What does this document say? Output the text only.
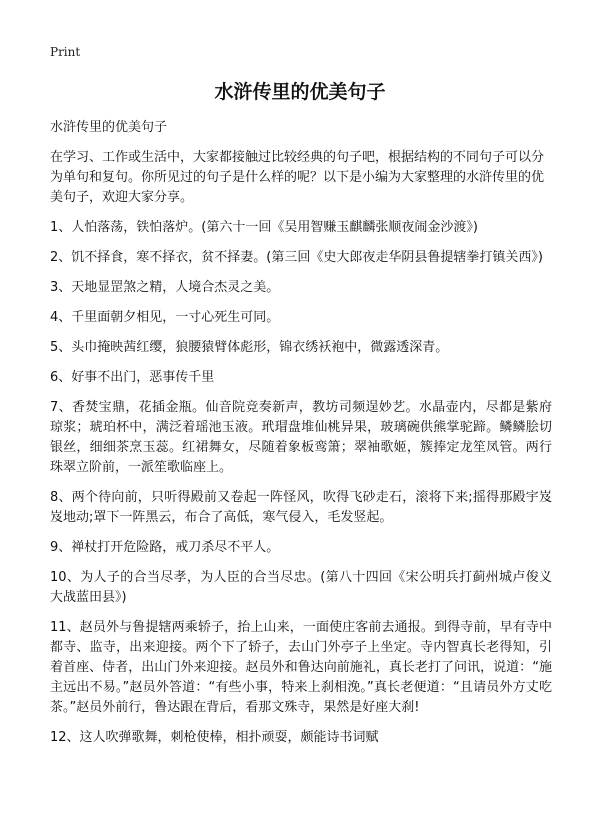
Print
水浒传里的优美句子

水浒传里的优美句子

在学习、工作或生活中，大家都接触过比较经典的句子吧，根据结构的不同句子可以分为单句和复句。你所见过的句子是什么样的呢？以下是小编为大家整理的水浒传里的优美句子，欢迎大家分享。

1、人怕落荡，铁怕落炉。(第六十一回《吴用智赚玉麒麟张顺夜闹金沙渡》)

2、饥不择食，寒不择衣，贫不择妻。(第三回《史大郎夜走华阴县鲁提辖拳打镇关西》)

3、天地显罡煞之精，人境合杰灵之美。

4、千里面朝夕相见，一寸心死生可同。

5、头巾掩映茜红缨，狼腰猿臂体彪形，锦衣绣袄袍中，微露透深青。

6、好事不出门，恶事传千里

7、香焚宝鼎，花插金瓶。仙音院竞奏新声，教坊司频逞妙艺。水晶壶内，尽都是紫府琼浆；琥珀杯中，满泛着瑶池玉液。玳瑁盘堆仙桃异果，玻璃碗供熊掌驼蹄。鳞鳞脍切银丝，细细茶烹玉蕊。红裙舞女，尽随着象板鸾箫；翠袖歌姬，簇捧定龙笙凤管。两行珠翠立阶前，一派笙歌临座上。

8、两个待向前，只听得殿前又卷起一阵怪风，吹得飞砂走石，滚将下来;摇得那殿宇岌岌地动;罩下一阵黑云，布合了高低，寒气侵入，毛发竖起。

9、禅杖打开危险路，戒刀杀尽不平人。

10、为人子的合当尽孝，为人臣的合当尽忠。(第八十四回《宋公明兵打蓟州城卢俊义大战蓝田县》)

11、赵员外与鲁提辖两乘轿子，抬上山来，一面使庄客前去通报。到得寺前，早有寺中都寺、监寺，出来迎接。两个下了轿子，去山门外亭子上坐定。寺内智真长老得知，引着首座、侍者，出山门外来迎接。赵员外和鲁达向前施礼，真长老打了问讯，说道：“施主远出不易。”赵员外答道：“有些小事，特来上刹相浼。”真长老便道：“且请员外方丈吃茶。”赵员外前行，鲁达跟在背后，看那文殊寺，果然是好座大刹!

12、这人吹弹歌舞，刺枪使棒，相扑顽耍，颇能诗书词赋
